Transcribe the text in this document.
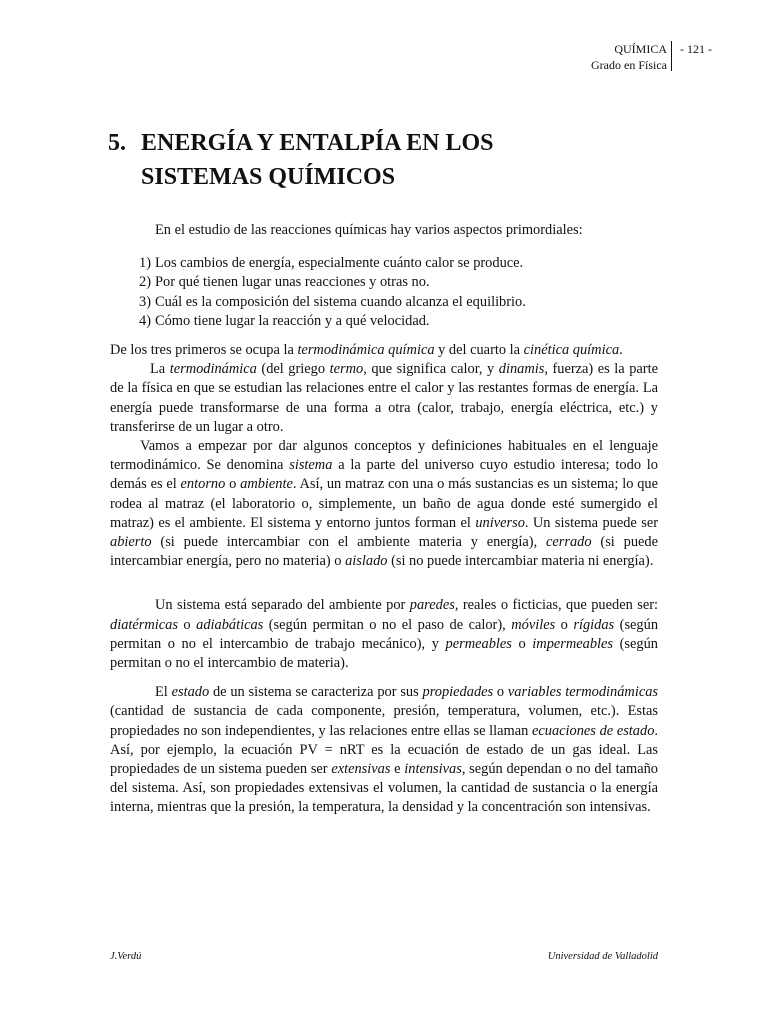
QUÍMICA
Grado en Física
- 121 -
5. ENERGÍA Y ENTALPÍA EN LOS
SISTEMAS QUÍMICOS

En el estudio de las reacciones químicas hay varios aspectos primordiales:

1) Los cambios de energía, especialmente cuánto calor se produce.
2) Por qué tienen lugar unas reacciones y otras no.
3) Cuál es la composición del sistema cuando alcanza el equilibrio.
4) Cómo tiene lugar la reacción y a qué velocidad.

De los tres primeros se ocupa la termodinámica química y del cuarto la cinética química.

La termodinámica (del griego termo, que significa calor, y dinamis, fuerza) es la parte de la física en que se estudian las relaciones entre el calor y las restantes formas de energía. La energía puede transformarse de una forma a otra (calor, trabajo, energía eléctrica, etc.) y transferirse de un lugar a otro.

Vamos a empezar por dar algunos conceptos y definiciones habituales en el lenguaje termodinámico. Se denomina sistema a la parte del universo cuyo estudio interesa; todo lo demás es el entorno o ambiente. Así, un matraz con una o más sustancias es un sistema; lo que rodea al matraz (el laboratorio o, simplemente, un baño de agua donde esté sumergido el matraz) es el ambiente. El sistema y entorno juntos forman el universo. Un sistema puede ser abierto (si puede intercambiar con el ambiente materia y energía), cerrado (si puede intercambiar energía, pero no materia) o aislado (si no puede intercambiar materia ni energía).

Un sistema está separado del ambiente por paredes, reales o ficticias, que pueden ser: diatérmicas o adiabáticas (según permitan o no el paso de calor), móviles o rígidas (según permitan o no el intercambio de trabajo mecánico), y permeables o impermeables (según permitan o no el intercambio de materia).

El estado de un sistema se caracteriza por sus propiedades o variables termodinámicas (cantidad de sustancia de cada componente, presión, temperatura, volumen, etc.). Estas propiedades no son independientes, y las relaciones entre ellas se llaman ecuaciones de estado. Así, por ejemplo, la ecuación PV = nRT es la ecuación de estado de un gas ideal. Las propiedades de un sistema pueden ser extensivas e intensivas, según dependan o no del tamaño del sistema. Así, son propiedades extensivas el volumen, la cantidad de sustancia o la energía interna, mientras que la presión, la temperatura, la densidad y la concentración son intensivas.

J.Verdú	Universidad de Valladolid
